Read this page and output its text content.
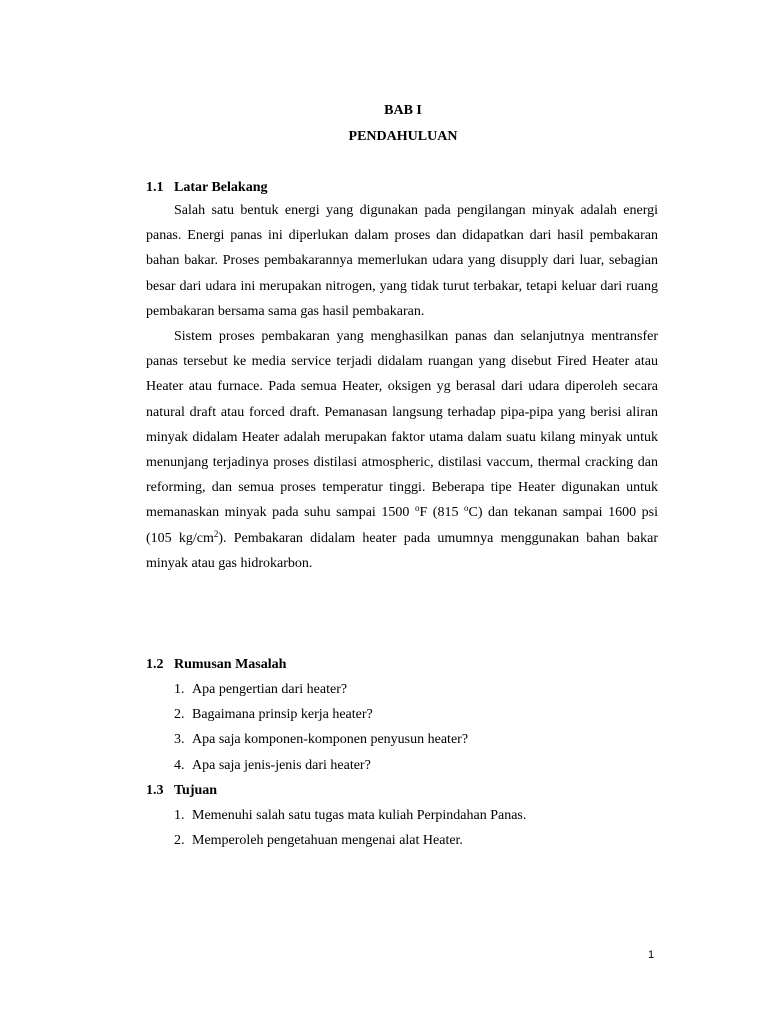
BAB I
PENDAHULUAN
1.1 Latar Belakang

Salah satu bentuk energi yang digunakan pada pengilangan minyak adalah energi panas. Energi panas ini diperlukan dalam proses dan didapatkan dari hasil pembakaran bahan bakar. Proses pembakarannya memerlukan udara yang disupply dari luar, sebagian besar dari udara ini merupakan nitrogen, yang tidak turut terbakar, tetapi keluar dari ruang pembakaran bersama sama gas hasil pembakaran.

Sistem proses pembakaran yang menghasilkan panas dan selanjutnya mentransfer panas tersebut ke media service terjadi didalam ruangan yang disebut Fired Heater atau Heater atau furnace. Pada semua Heater, oksigen yg berasal dari udara diperoleh secara natural draft atau forced draft. Pemanasan langsung terhadap pipa-pipa yang berisi aliran minyak didalam Heater adalah merupakan faktor utama dalam suatu kilang minyak untuk menunjang terjadinya proses distilasi atmospheric, distilasi vaccum, thermal cracking dan reforming, dan semua proses temperatur tinggi. Beberapa tipe Heater digunakan untuk memanaskan minyak pada suhu sampai 1500 $^o$F (815 $^o$C) dan tekanan sampai 1600 psi (105 $kg/cm^2$). Pembakaran didalam heater pada umumnya menggunakan bahan bakar minyak atau gas hidrokarbon.

1.2 Rumusan Masalah
1. Apa pengertian dari heater?
2. Bagaimana prinsip kerja heater?
3. Apa saja komponen-komponen penyusun heater?
4. Apa saja jenis-jenis dari heater?
1.3 Tujuan
1. Memenuhi salah satu tugas mata kuliah Perpindahan Panas.
2. Memperoleh pengetahuan mengenai alat Heater.

1
